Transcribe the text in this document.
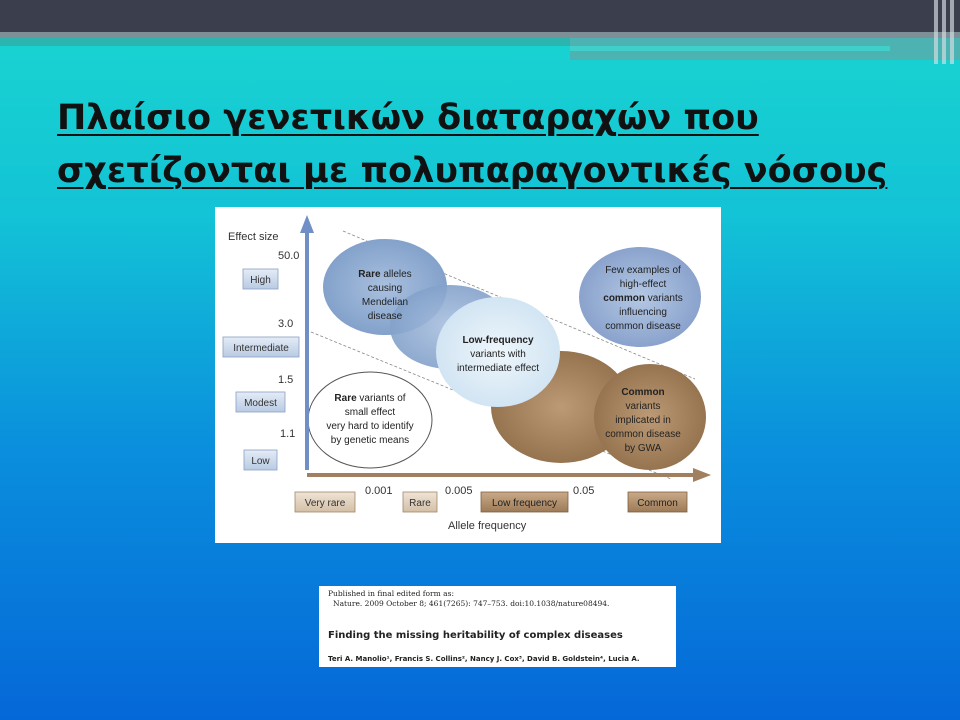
Πλαίσιο γενετικών διαταραχών που
σχετίζονται με πολυπαραγοντικές νόσους
Effect size
Allele frequency
50.0
3.0
1.5
1.1
High
Intermediate
Modest
Low
0.001	0.005	0.05
Very rare	Rare	Low frequency	Common
Rare alleles
causing
Mendelian
disease
Low-frequency
variants with
intermediate effect
Common
variants
implicated in
common disease
by GWA
Few examples of
high-effect
common variants
influencing
common disease
Rare variants of
small effect
very hard to identify
by genetic means
Published in final edited form as:
Nature. 2009 October 8; 461(7265): 747–753. doi:10.1038/nature08494.
Finding the missing heritability of complex diseases
Teri A. Manolio¹, Francis S. Collins², Nancy J. Cox³, David B. Goldstein⁴, Lucia A.
